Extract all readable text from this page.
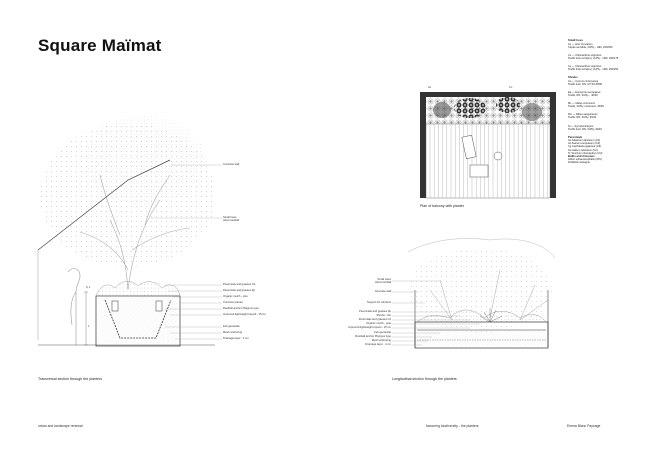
Square Maïmat	Small trees
Ac — Acer truncatum
Cépée semifide, 2U/5y... H90, 200/250
Cc — Chionanthus virginicus
Touffe tiroir extra(ex). 2U/5y... H90, 150/175
Cv — Chionanthus virginicus
Touffe tiroir extra(ex). 2U/5y... H90, 200/250
Shrubs
Co — Cornus controversa
Touffe tiroir, RN, 3/7 5U 80/90
Ea — Euonymus europaeus
Touffe, RN, 3U/5y... 40/60
Mc — Malus communis
Touffe, 3U/5y, conteneur, 40/60
Rm — Ribes sanguineum
Touffe, RN, 3U/5y, 30/40
St — Symphoricarpos
Touffe tiroir, RN, 3U/5y, 30/40
Perennials
Ac Adiantum aleuticum (C2)
Ac Asarum europaeum (C2)
Cg Cephalaria gigantea (C9)
Gs Galium odoratum (C2)
Tc Teucrium chamaedrys (C2)
Bulbs and rhizomes
Allium sphaerocephalon (RS)
Fritillaria meleagris
Concrete wall
Small trees
wired rootball
Perennials and grasses C2,
Perennials and grasses 9p
Organic mulch - pine
Concrete planter
Rootball anchor Platypus type
Improved lightweight topsoil - 15 cm
Felt geotextile
Mesh anchoring
Drainage layer - 4 cm
0, 1
1
Transversal section through the planters
Ac	Cc
Cv
Plan of balcony with planter
Small trees
wired rootball
Concrete wall
Support for climbers
Perennials and grasses 9p
Shrubs - 9m
Perennials and grasses C2
Organic mulch - pine
Improved lightweight topsoil - 15 cm
Felt geotextile
Rootball anchor Platypus type
Mesh anchoring
Drainage layer - 4 cm
Longitudinal section through the planters
urban and landscape renewal	favouring biodiversity - the planters	Emma Blanc Paysage
